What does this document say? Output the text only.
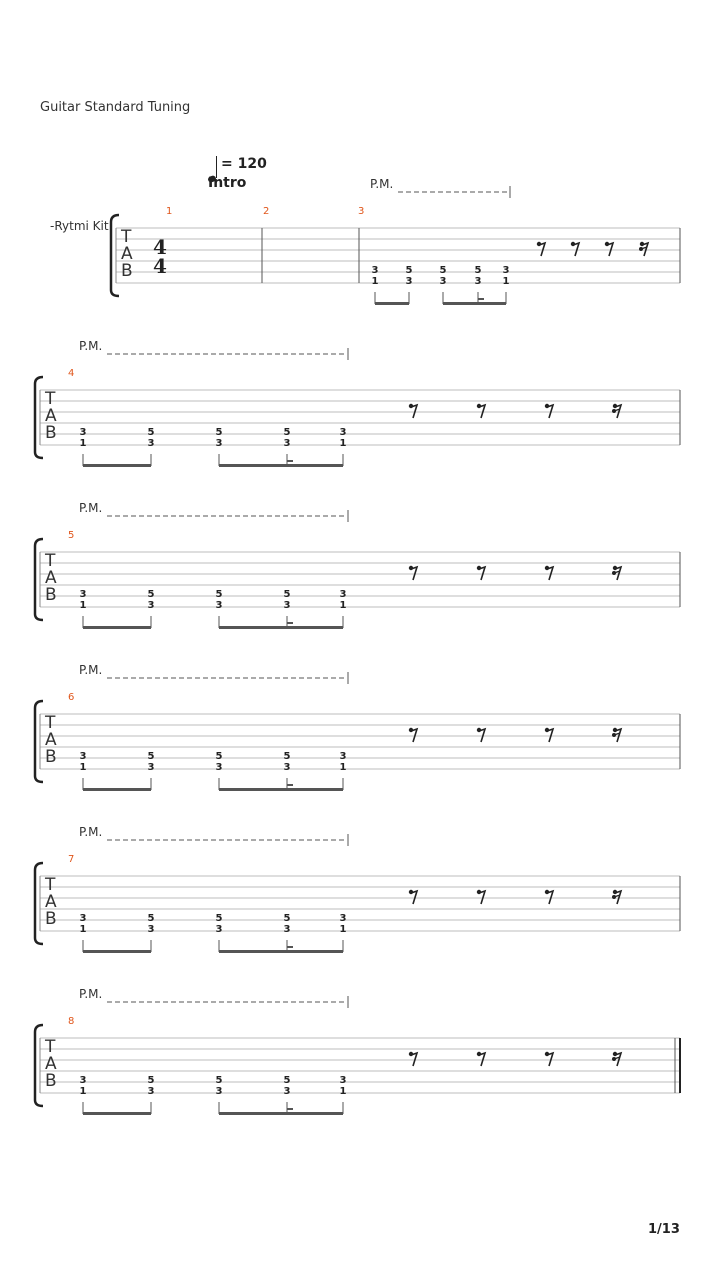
Guitar Standard Tuning
= 120
Intro
-Rytmi Kit
P.M.
1	2	3
T
A
B
4
4	3
1
5
3
5
3
5
3
3
1
P.M.
4
T
A
B 3
1
5
3
5
3
5
3
3
1
P.M.
5
T
A
B 3
1
5
3
5
3
5
3
3
1
P.M.
6
T
A
B 3
1
5
3
5
3
5
3
3
1
P.M.
7
T
A
B 3
1
5
3
5
3
5
3
3
1
P.M.
8
T
A
B 3
1
5
3
5
3
5
3
3
1
1/13
